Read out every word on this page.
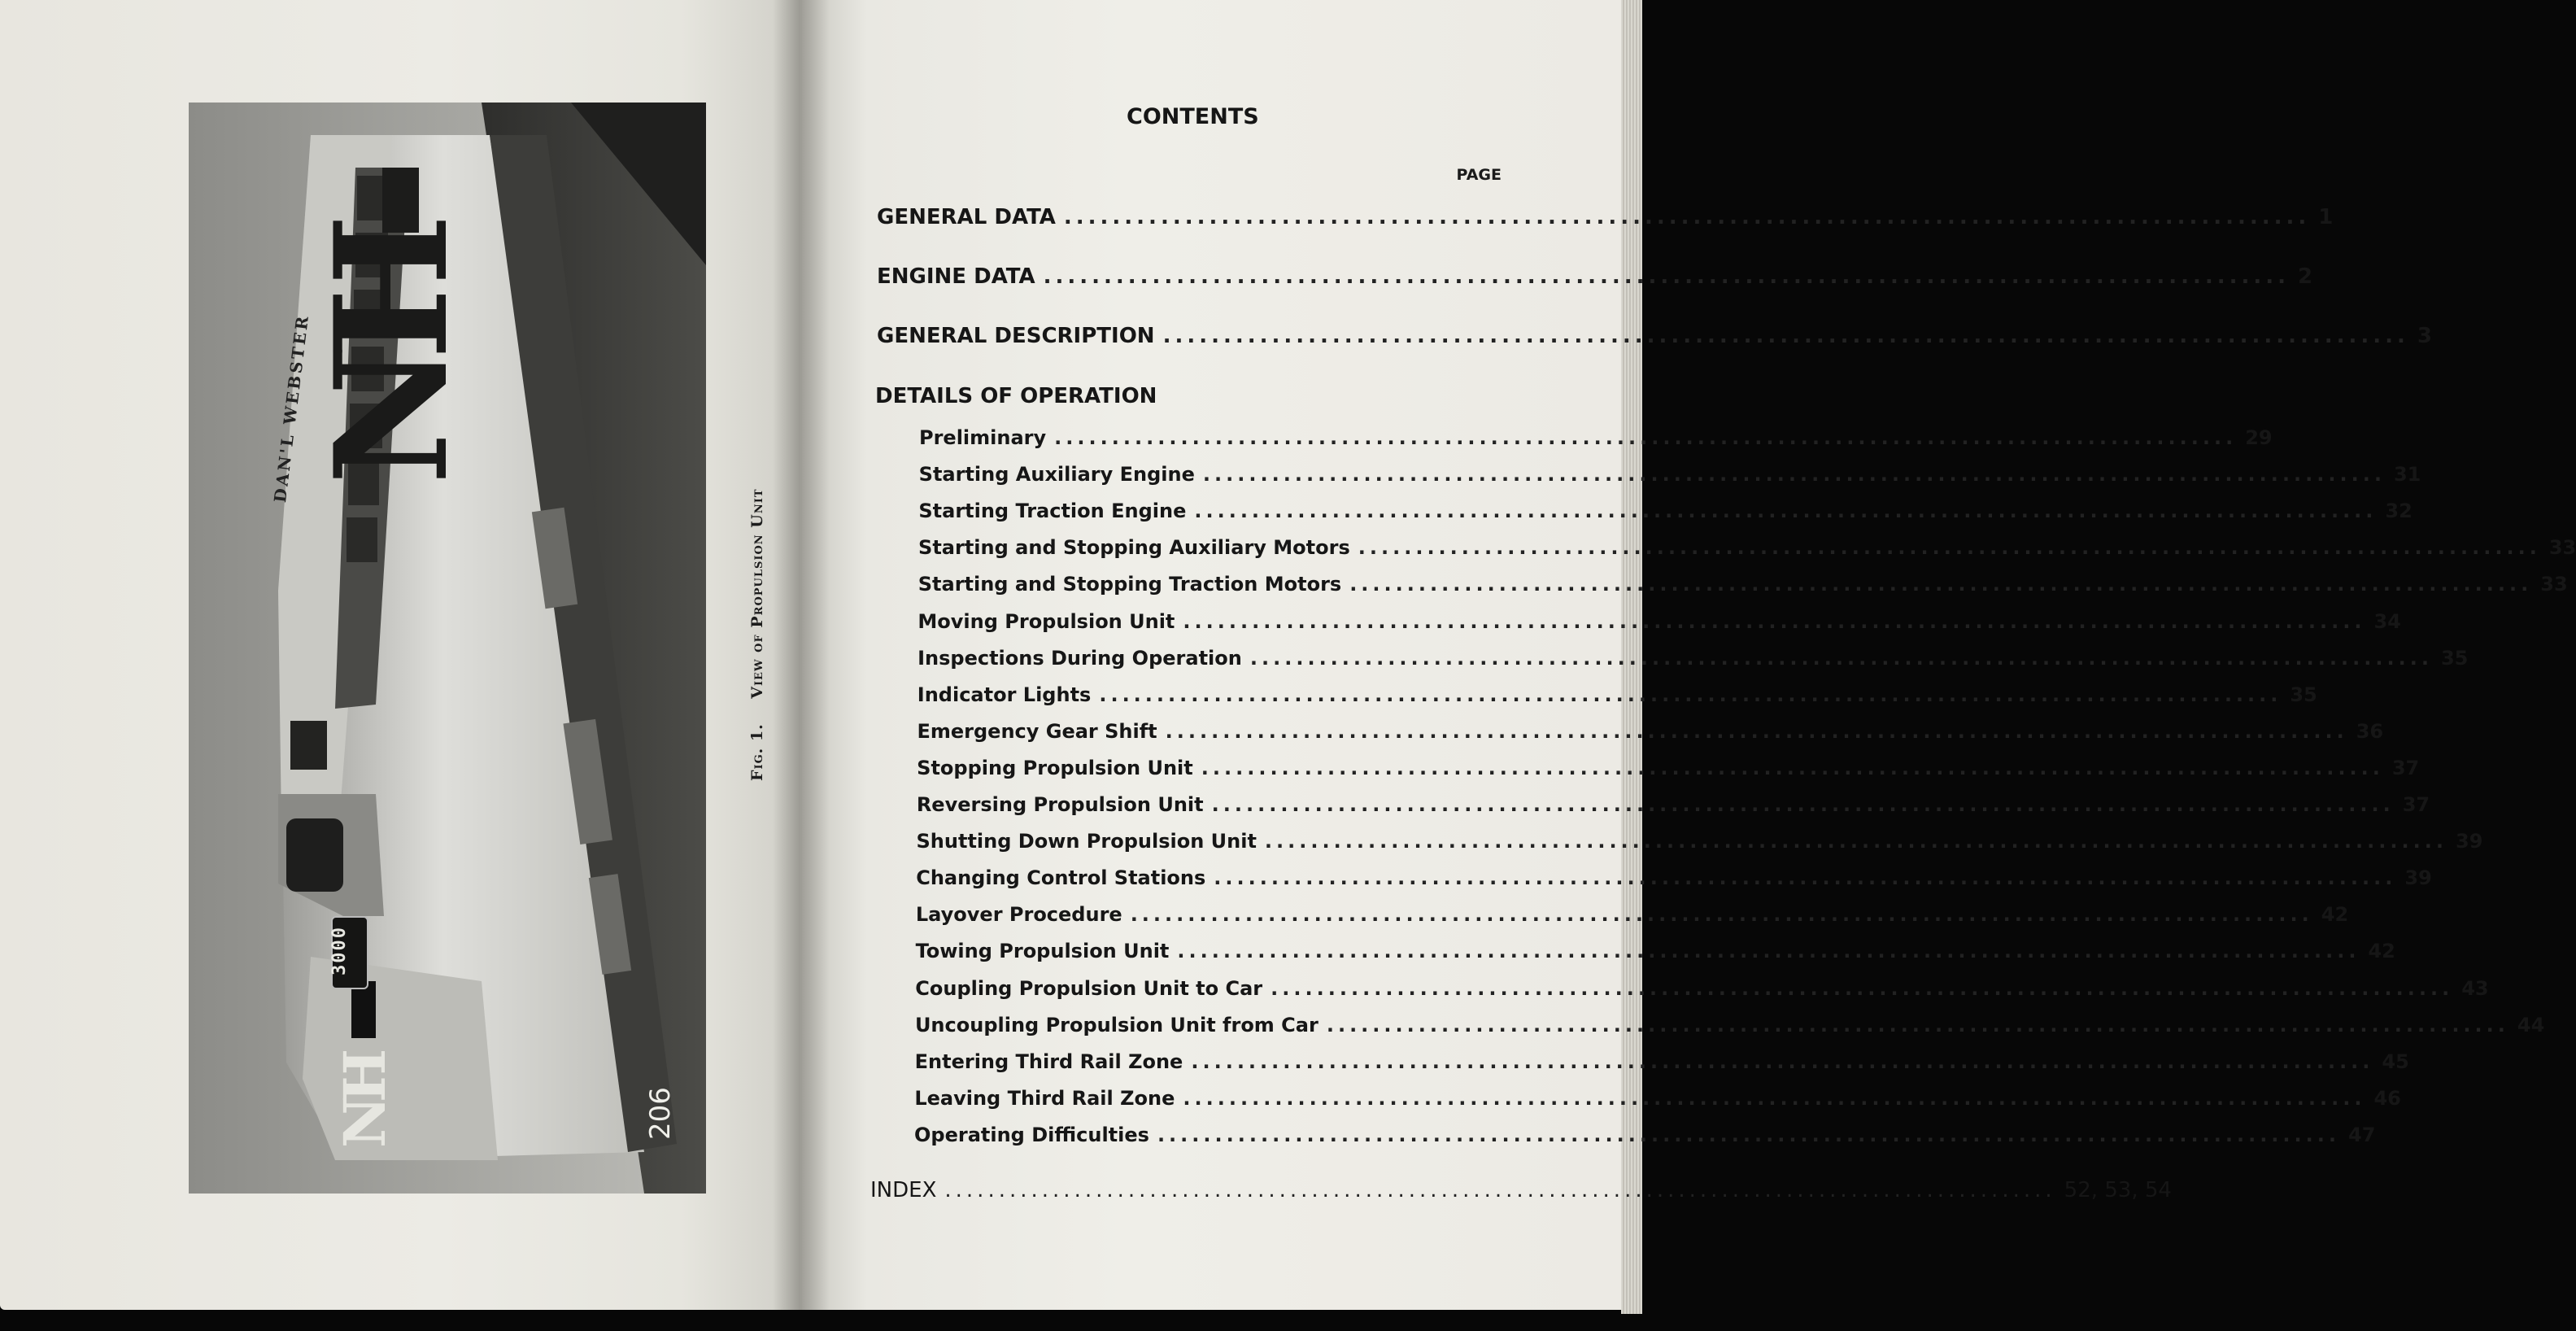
DAN'L WEBSTER
3000
NH	206
Fig. 1.    View of Propulsion Unit
CONTENTS
PAGE
GENERAL DATA ....................................................................................................... 1
ENGINE DATA ....................................................................................................... 2
GENERAL DESCRIPTION ....................................................................................................... 3
DETAILS OF OPERATION
Preliminary ....................................................................................................... 29
Starting Auxiliary Engine ....................................................................................................... 31
Starting Traction Engine ....................................................................................................... 32
Starting and Stopping Auxiliary Motors ....................................................................................................... 33
Starting and Stopping Traction Motors ....................................................................................................... 33
Moving Propulsion Unit ....................................................................................................... 34
Inspections During Operation ....................................................................................................... 35
Indicator Lights ....................................................................................................... 35
Emergency Gear Shift ....................................................................................................... 36
Stopping Propulsion Unit ....................................................................................................... 37
Reversing Propulsion Unit ....................................................................................................... 37
Shutting Down Propulsion Unit ....................................................................................................... 39
Changing Control Stations ....................................................................................................... 39
Layover Procedure ....................................................................................................... 42
Towing Propulsion Unit ....................................................................................................... 42
Coupling Propulsion Unit to Car ....................................................................................................... 43
Uncoupling Propulsion Unit from Car ....................................................................................................... 44
Entering Third Rail Zone ....................................................................................................... 45
Leaving Third Rail Zone ....................................................................................................... 46
Operating Difficulties ....................................................................................................... 47
INDEX ....................................................................................................... 52, 53, 54
